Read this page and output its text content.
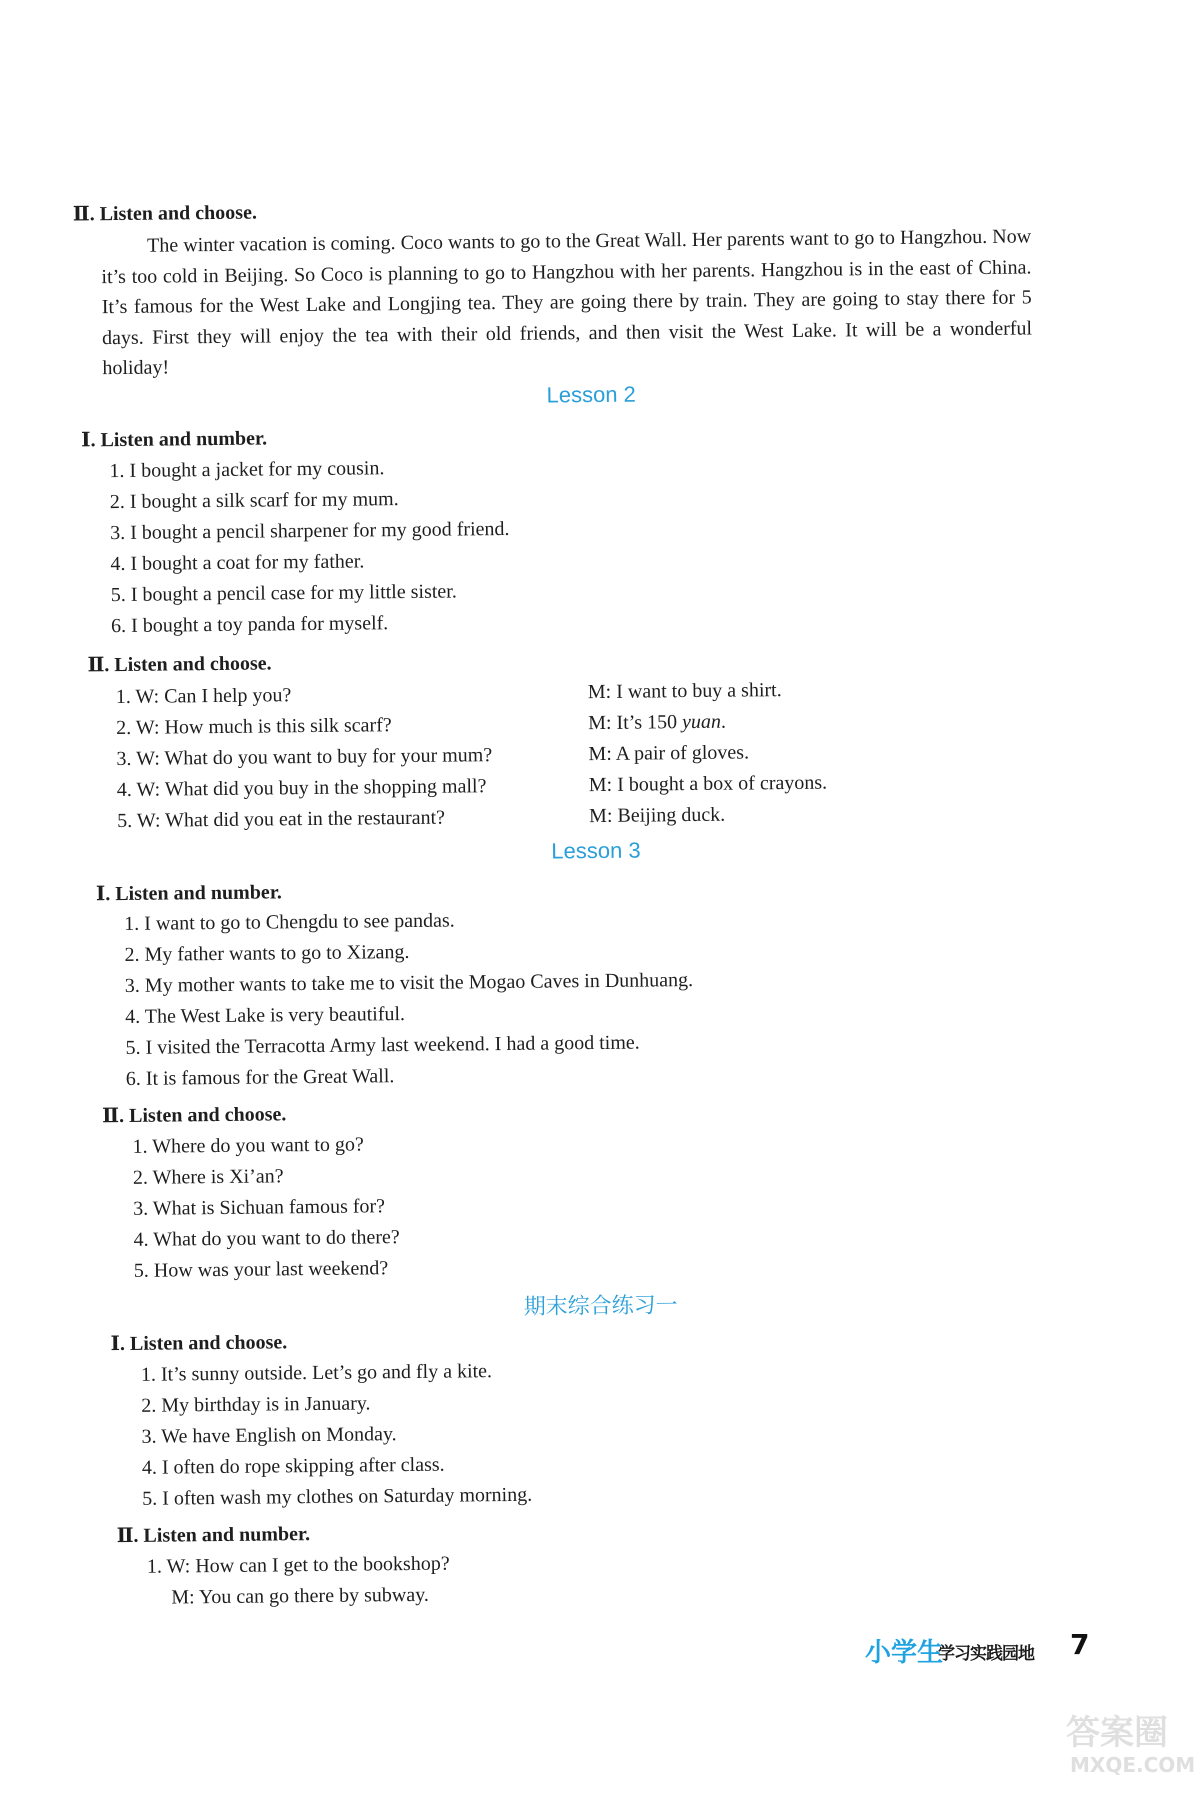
Ⅱ. Listen and choose.

The winter vacation is coming. Coco wants to go to the Great Wall. Her parents want to go to Hangzhou. Now it’s too cold in Beijing. So Coco is planning to go to Hangzhou with her parents. Hangzhou is in the east of China. It’s famous for the West Lake and Longjing tea. They are going there by train. They are going to stay there for 5 days. First they will enjoy the tea with their old friends, and then visit the West Lake. It will be a wonderful holiday!

Lesson 2
Ⅰ. Listen and number.
1. I bought a jacket for my cousin.
2. I bought a silk scarf for my mum.
3. I bought a pencil sharpener for my good friend.
4. I bought a coat for my father.
5. I bought a pencil case for my little sister.
6. I bought a toy panda for myself.
Ⅱ. Listen and choose.
1. W: Can I help you?
2. W: How much is this silk scarf?
3. W: What do you want to buy for your mum?
4. W: What did you buy in the shopping mall?
5. W: What did you eat in the restaurant?
M: I want to buy a shirt.
M: It’s 150 yuan.
M: A pair of gloves.
M: I bought a box of crayons.
M: Beijing duck.
Lesson 3
Ⅰ. Listen and number.
1. I want to go to Chengdu to see pandas.
2. My father wants to go to Xizang.
3. My mother wants to take me to visit the Mogao Caves in Dunhuang.
4. The West Lake is very beautiful.
5. I visited the Terracotta Army last weekend. I had a good time.
6. It is famous for the Great Wall.
Ⅱ. Listen and choose.
1. Where do you want to go?
2. Where is Xi’an?
3. What is Sichuan famous for?
4. What do you want to do there?
5. How was your last weekend?
期末综合练习一
Ⅰ. Listen and choose.
1. It’s sunny outside. Let’s go and fly a kite.
2. My birthday is in January.
3. We have English on Monday.
4. I often do rope skipping after class.
5. I often wash my clothes on Saturday morning.
Ⅱ. Listen and number.
1. W: How can I get to the bookshop?
M: You can go there by subway.
小学生
学习实践园地 7
答案圈
MXQE.COM
